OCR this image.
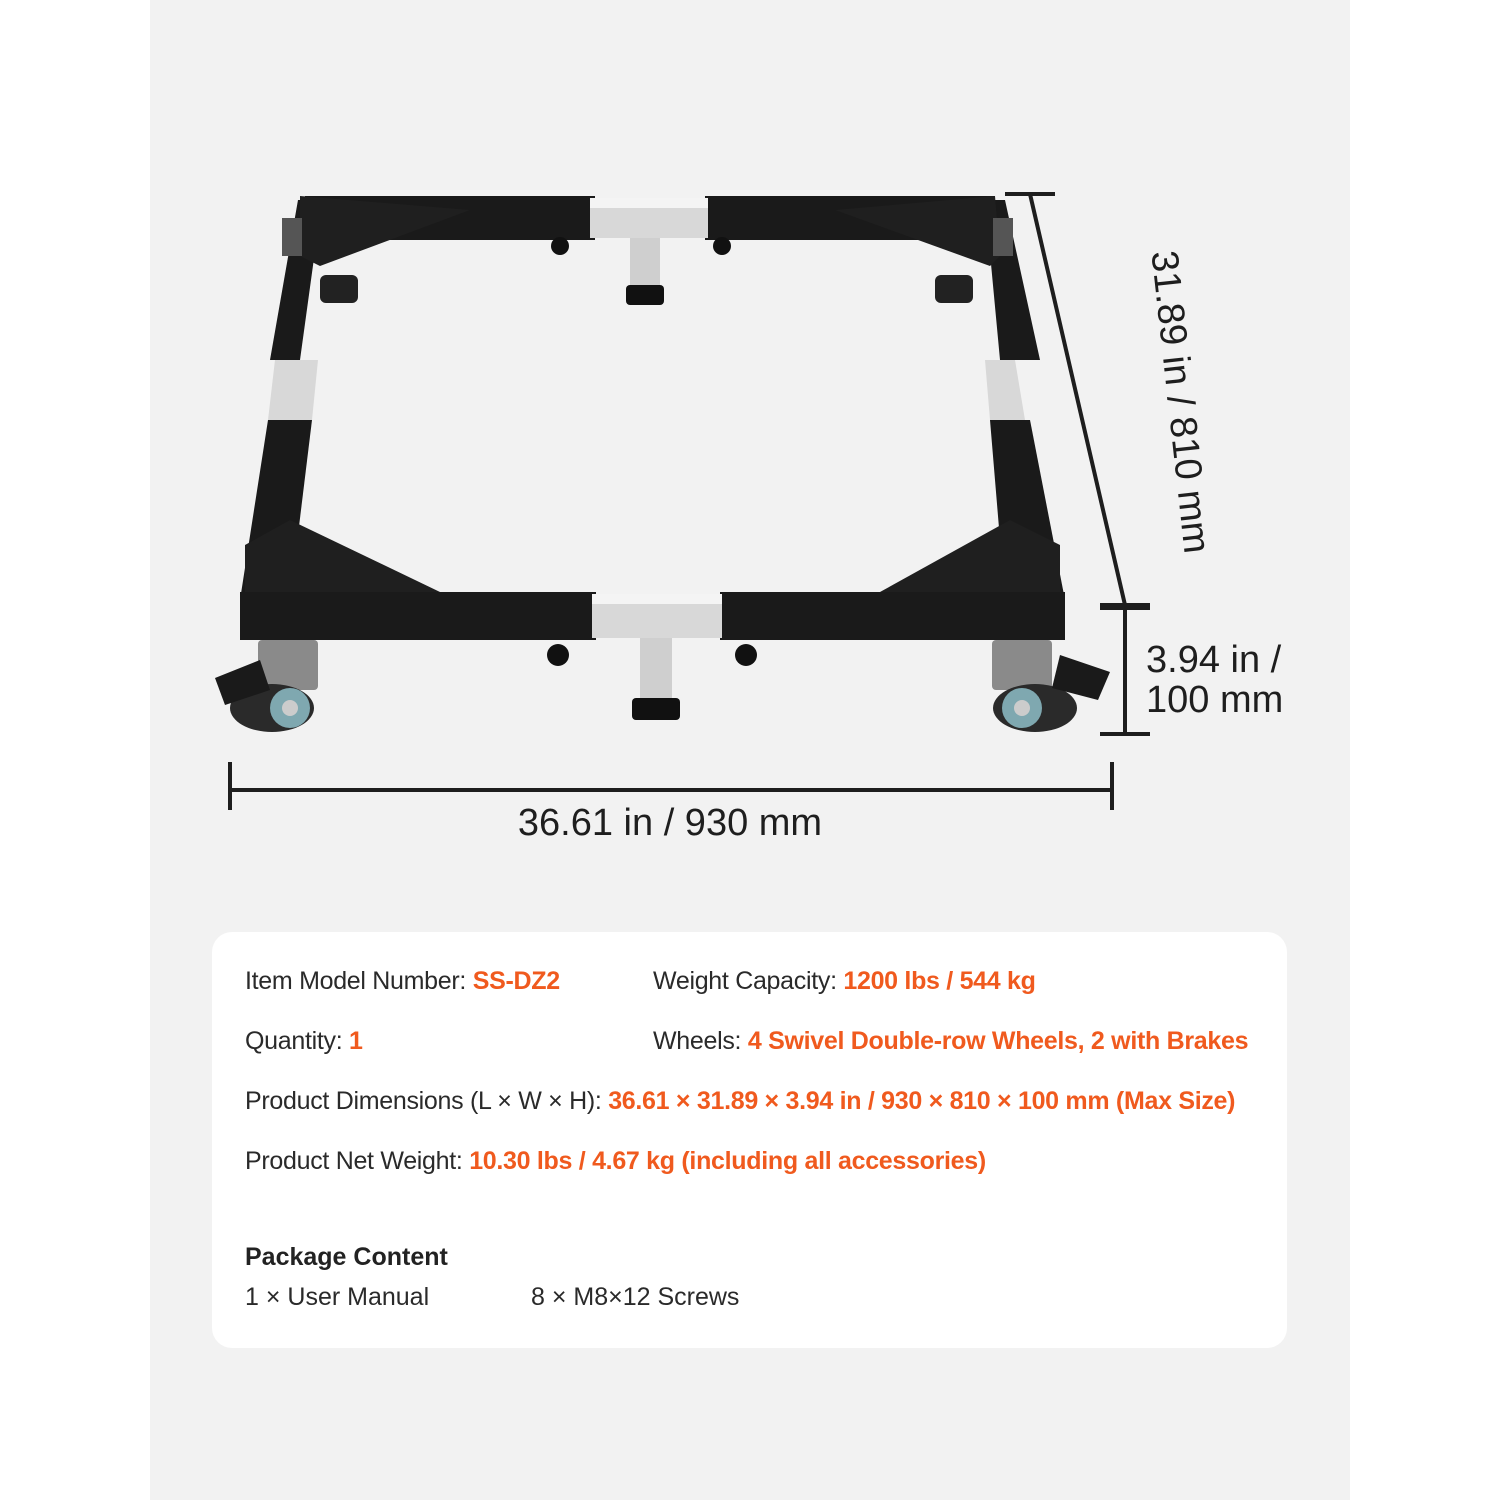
36.61 in / 930 mm
31.89 in / 810 mm
3.94 in /
100 mm
Item Model Number: SS-DZ2	Weight Capacity: 1200 lbs / 544 kg
Quantity: 1	Wheels: 4 Swivel Double-row Wheels, 2 with Brakes
Product Dimensions (L × W × H): 36.61 × 31.89 × 3.94 in / 930 × 810 × 100 mm (Max Size)
Product Net Weight: 10.30 lbs / 4.67 kg (including all accessories)
Package Content
1 × User Manual	8 × M8×12 Screws
